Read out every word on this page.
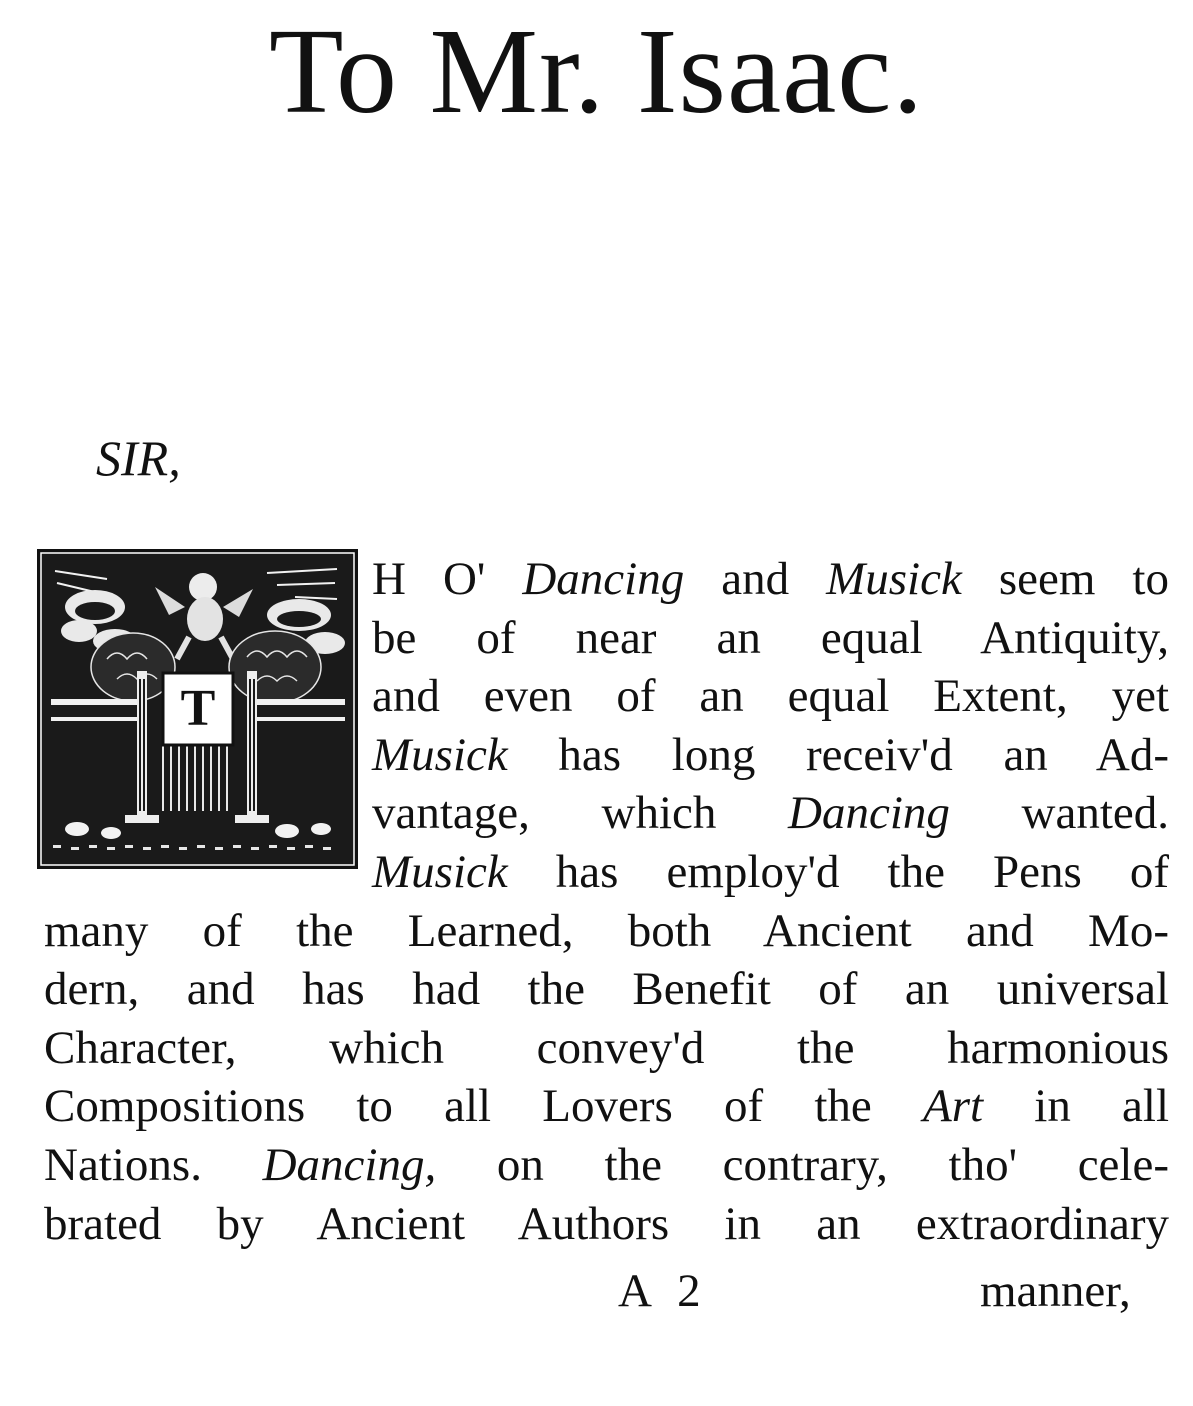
To Mr. Isaac.
SIR,
T
H O' Dancing and Musick seem to
be of near an equal Antiquity,
and even of an equal Extent, yet
Musick has long receiv'd an Ad-
vantage, which Dancing wanted.
Musick has employ'd the Pens of
many of the Learned, both Ancient and Mo-
dern, and has had the Benefit of an universal
Character, which convey'd the harmonious
Compositions to all Lovers of the Art in all
Nations. Dancing, on the contrary, tho' cele-
brated by Ancient Authors in an extraordinary
A 2	manner,
